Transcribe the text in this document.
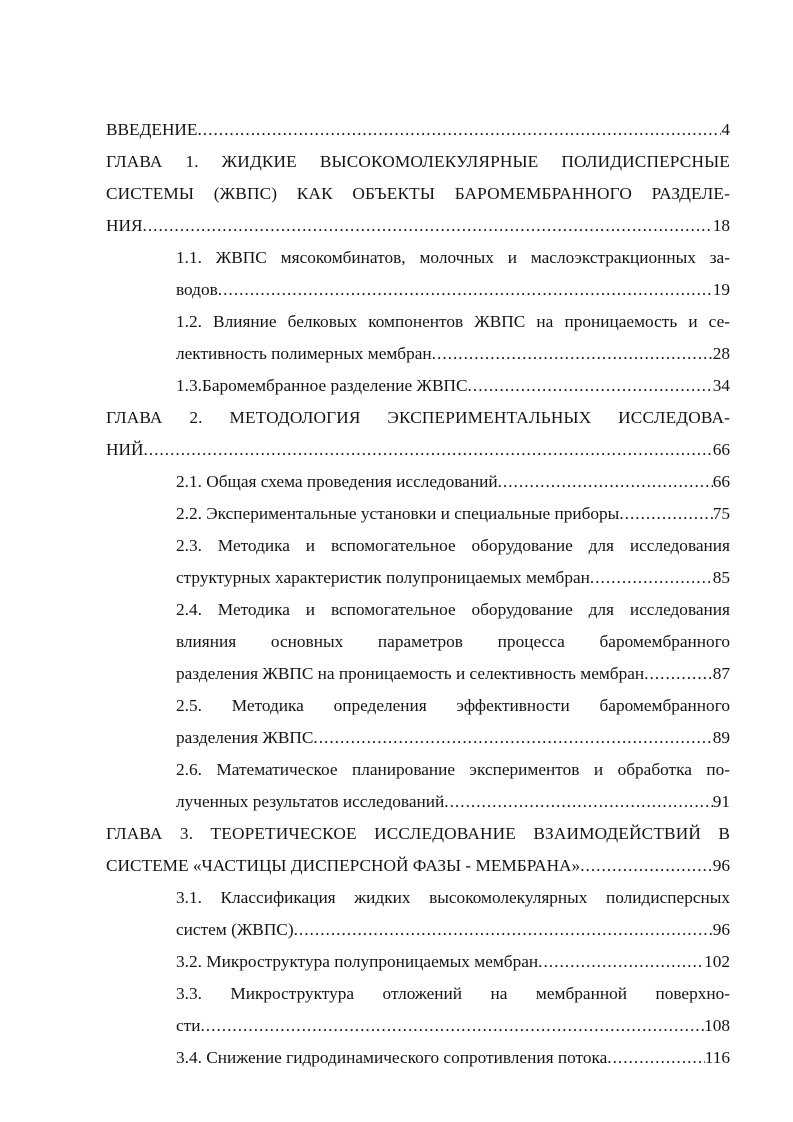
ВВЕДЕНИЕ .....	4
ГЛАВА 1. ЖИДКИЕ ВЫСОКОМОЛЕКУЛЯРНЫЕ ПОЛИДИСПЕРСНЫЕ
СИСТЕМЫ (ЖВПС) КАК ОБЪЕКТЫ БАРОМЕМБРАННОГО РАЗДЕЛЕ-
НИЯ .....	18
1.1. ЖВПС мясокомбинатов, молочных и маслоэкстракционных за-
водов .....	19
1.2. Влияние белковых компонентов ЖВПС на проницаемость и се-
лективность полимерных мембран .....	28
1.3.Баромембранное разделение ЖВПС .....	34
ГЛАВА 2. МЕТОДОЛОГИЯ ЭКСПЕРИМЕНТАЛЬНЫХ ИССЛЕДОВА-
НИЙ .....	66
2.1. Общая схема проведения исследований .....	66
2.2. Экспериментальные установки и специальные приборы .....	75
2.3. Методика и вспомогательное оборудование для исследования
структурных характеристик полупроницаемых мембран .....	85
2.4. Методика и вспомогательное оборудование для исследования
влияния основных параметров процесса баромембранного
разделения ЖВПС на проницаемость и селективность мембран .....	87
2.5. Методика определения эффективности баромембранного
разделения ЖВПС .....	89
2.6. Математическое планирование экспериментов и обработка по-
лученных результатов исследований .....	91
ГЛАВА 3. ТЕОРЕТИЧЕСКОЕ ИССЛЕДОВАНИЕ ВЗАИМОДЕЙСТВИЙ В
СИСТЕМЕ «ЧАСТИЦЫ ДИСПЕРСНОЙ ФАЗЫ - МЕМБРАНА» .....	96
3.1. Классификация жидких высокомолекулярных полидисперсных
систем (ЖВПС) .....	96
3.2. Микроструктура полупроницаемых мембран .....	102
3.3. Микроструктура отложений на мембранной поверхно-
сти .....	108
3.4. Снижение гидродинамического сопротивления потока .....	116
